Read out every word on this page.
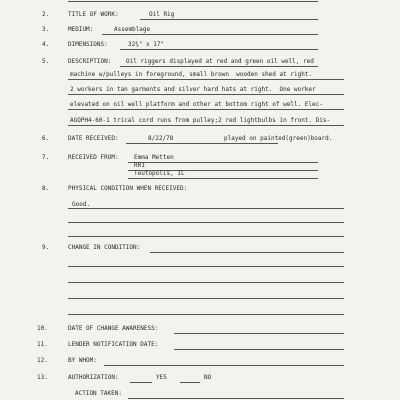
2.	TITLE OF WORK:	Oil Rig
3.	MEDIUM:	Assemblage
4.	DIMENSIONS:	32¾" x 17"
5.	DESCRIPTION: Oil riggers displayed at red and green oil well, red
machine w/pulleys in foreground, small brown  wooden shed at right.
2 workers in tan garments and silver hard hats at right.  One worker
elevated on oil well platform and other at bottom right of well. Elec-
AGOPH4-60-1 trical cord runs from pulley;2 red lightbulbs in front. Dis-
6.	DATE RECEIVED:	8/22/78	played on painted(green)board.
7.	RECEIVED FROM:	Emma Metten
RR1
Teutopolis, IL
8.	PHYSICAL CONDITION WHEN RECEIVED:
Good.
9.	CHANGE IN CONDITION:
10.	DATE OF CHANGE AWARENESS:
11.	LENDER NOTIFICATION DATE:
12.	BY WHOM:
13.	AUTHORIZATION:	YES	NO
ACTION TAKEN:
